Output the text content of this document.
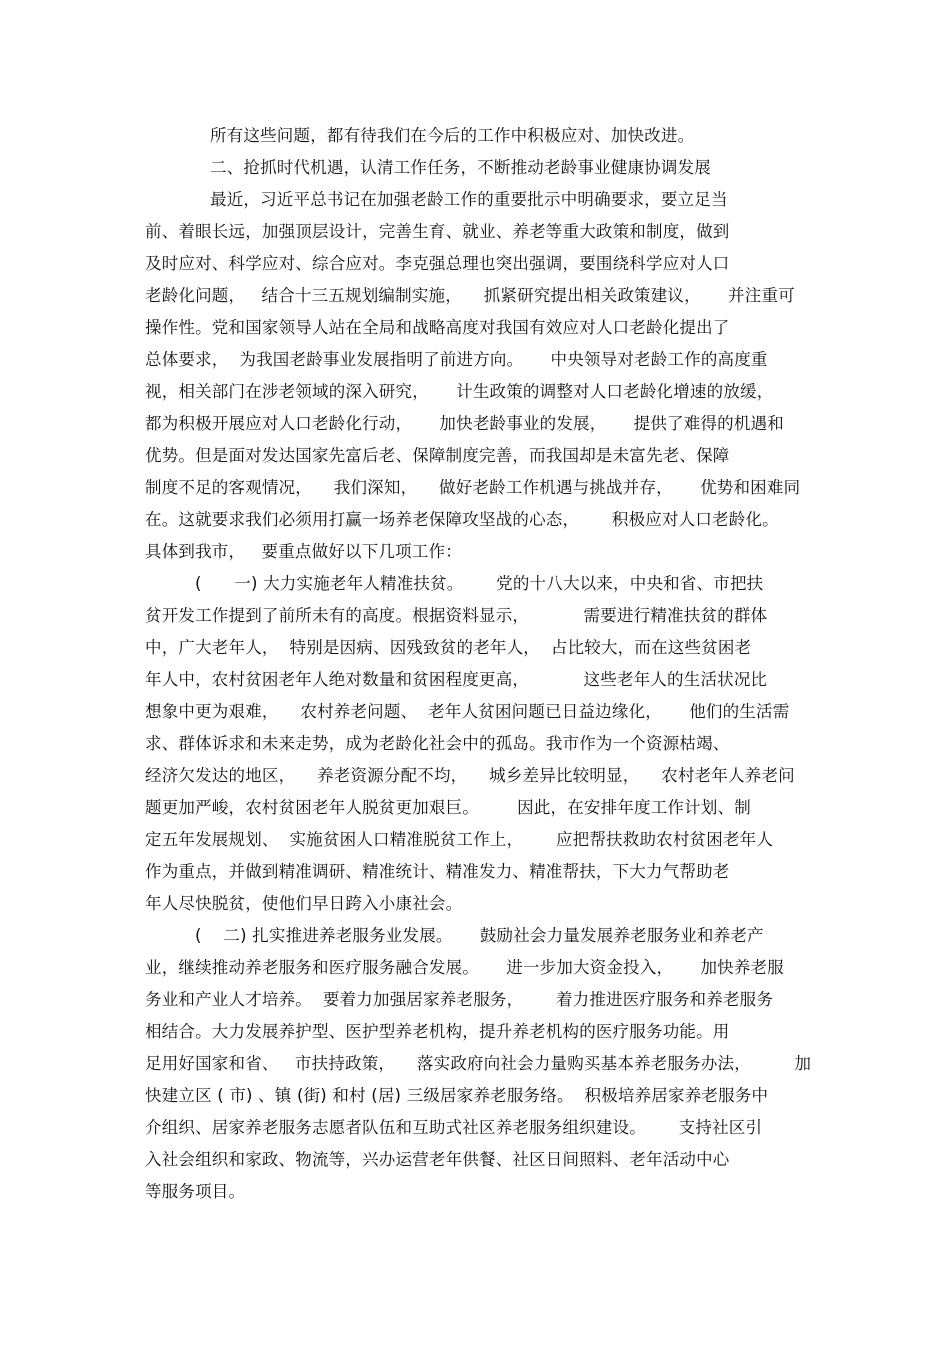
所有这些问题，都有待我们在今后的工作中积极应对、加快改进。
二、抢抓时代机遇，认清工作任务，不断推动老龄事业健康协调发展
最近，习近平总书记在加强老龄工作的重要批示中明确要求，要立足当
前、着眼长远，加强顶层设计，完善生育、就业、养老等重大政策和制度，做到
及时应对、科学应对、综合应对。李克强总理也突出强调，要围绕科学应对人口
老龄化问题，   结合十三五规划编制实施，    抓紧研究提出相关政策建议，     并注重可
操作性。党和国家领导人站在全局和战略高度对我国有效应对人口老龄化提出了
总体要求，  为我国老龄事业发展指明了前进方向。     中央领导对老龄工作的高度重
视，相关部门在涉老领域的深入研究，     计生政策的调整对人口老龄化增速的放缓，
都为积极开展应对人口老龄化行动，     加快老龄事业的发展，     提供了难得的机遇和
优势。但是面对发达国家先富后老、保障制度完善，而我国却是未富先老、保障
制度不足的客观情况，    我们深知，    做好老龄工作机遇与挑战并存，     优势和困难同
在。这就要求我们必须用打赢一场养老保障攻坚战的心态，      积极应对人口老龄化。
具体到我市，   要重点做好以下几项工作：
(      一) 大力实施老年人精准扶贫。      党的十八大以来，中央和省、市把扶
贫开发工作提到了前所未有的高度。根据资料显示，          需要进行精准扶贫的群体
中，广大老年人，  特别是因病、因残致贫的老年人，  占比较大，而在这些贫困老
年人中，农村贫困老年人绝对数量和贫困程度更高，          这些老年人的生活状况比
想象中更为艰难，    农村养老问题、  老年人贫困问题已日益边缘化，     他们的生活需
求、群体诉求和未来走势，成为老龄化社会中的孤岛。我市作为一个资源枯竭、
经济欠发达的地区，    养老资源分配不均，    城乡差异比较明显，    农村老年人养老问
题更加严峻，农村贫困老年人脱贫更加艰巨。       因此，在安排年度工作计划、制
定五年发展规划、  实施贫困人口精准脱贫工作上，      应把帮扶救助农村贫困老年人
作为重点，并做到精准调研、精准统计、精准发力、精准帮扶，下大力气帮助老
年人尽快脱贫，使他们早日跨入小康社会。
(    二) 扎实推进养老服务业发展。     鼓励社会力量发展养老服务业和养老产
业，继续推动养老服务和医疗服务融合发展。     进一步加大资金投入，     加快养老服
务业和产业人才培养。  要着力加强居家养老服务，      着力推进医疗服务和养老服务
相结合。大力发展养护型、医护型养老机构，提升养老机构的医疗服务功能。用
足用好国家和省、   市扶持政策，    落实政府向社会力量购买基本养老服务办法，        加
快建立区 ( 市) 、镇 (街) 和村 (居) 三级居家养老服务络。  积极培养居家养老服务中
介组织、居家养老服务志愿者队伍和互助式社区养老服务组织建设。      支持社区引
入社会组织和家政、物流等，兴办运营老年供餐、社区日间照料、老年活动中心
等服务项目。
